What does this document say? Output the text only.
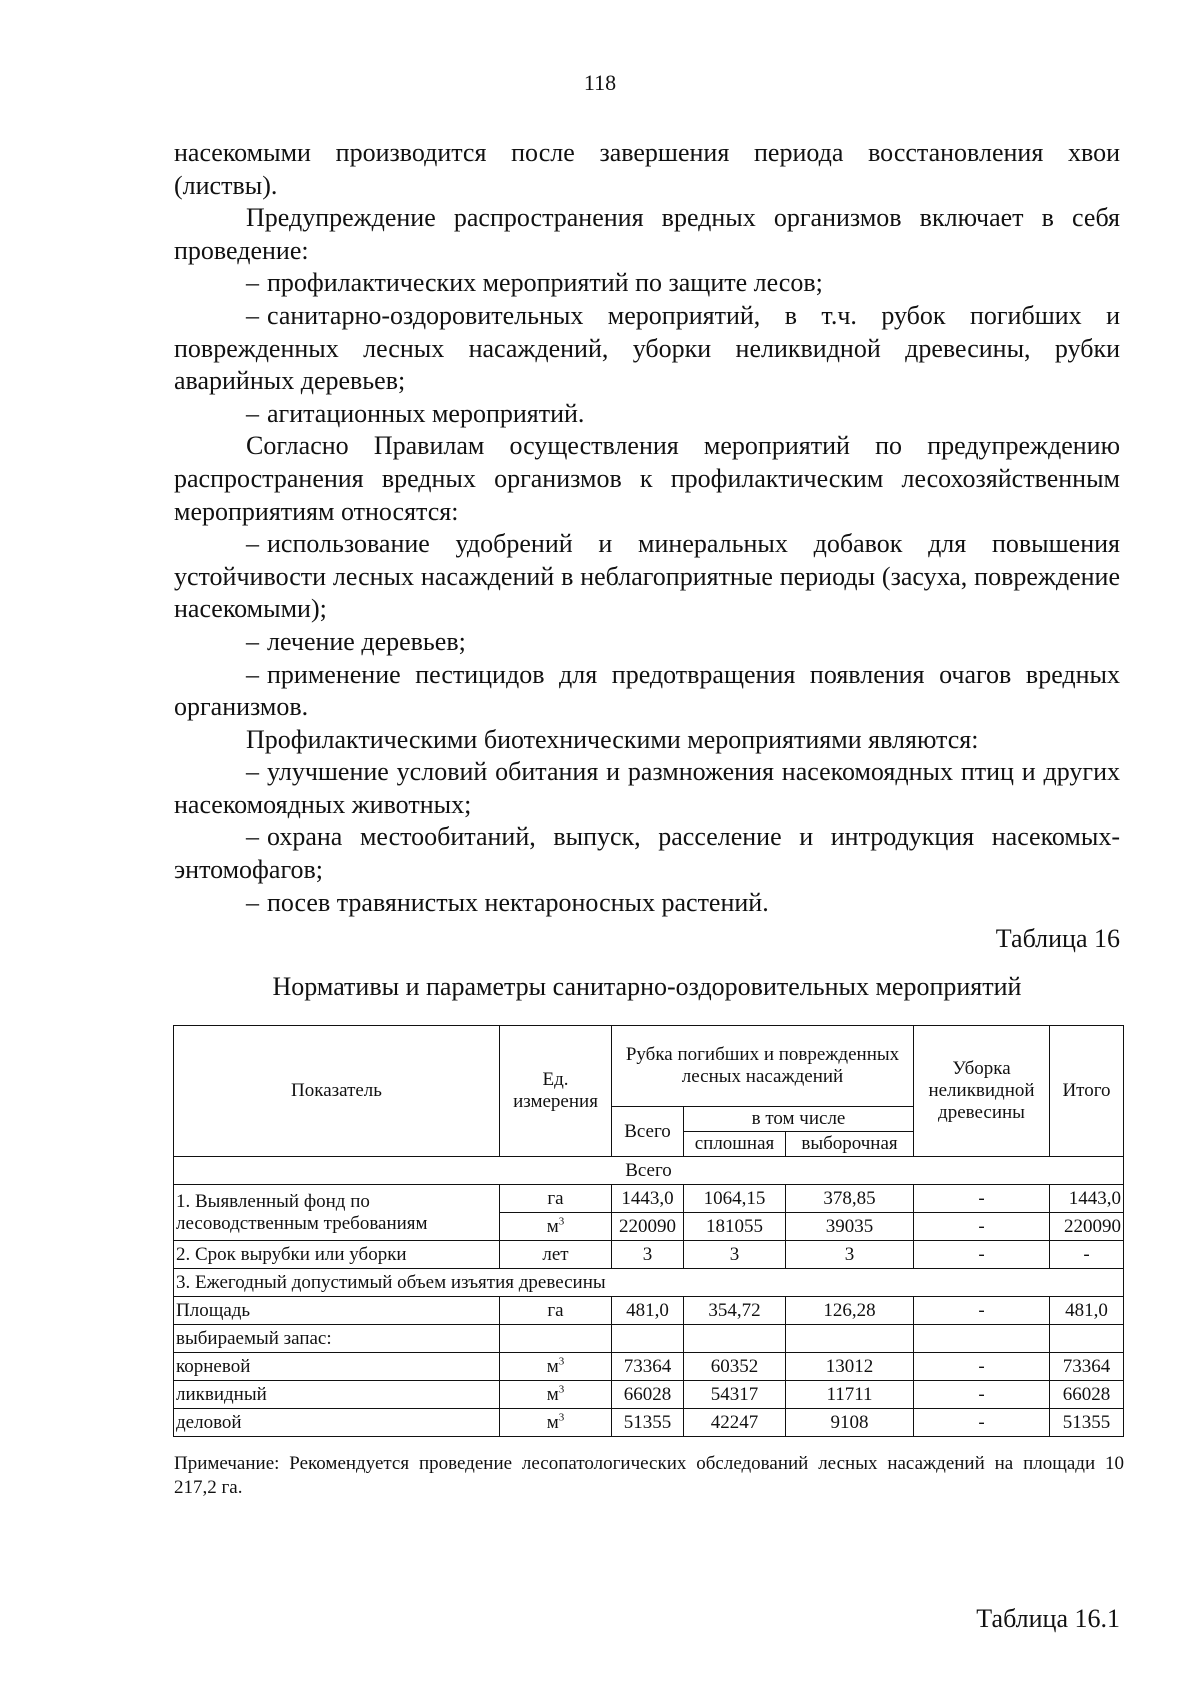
118

насекомыми производится после завершения периода восстановления хвои (листвы).

Предупреждение распространения вредных организмов включает в себя проведение:

– профилактических мероприятий по защите лесов;

– санитарно-оздоровительных мероприятий, в т.ч. рубок погибших и поврежденных лесных насаждений, уборки неликвидной древесины, рубки аварийных деревьев;

– агитационных мероприятий.

Согласно Правилам осуществления мероприятий по предупреждению распространения вредных организмов к профилактическим лесохозяйственным мероприятиям относятся:

– использование удобрений и минеральных добавок для повышения устойчивости лесных насаждений в неблагоприятные периоды (засуха, повреждение насекомыми);

– лечение деревьев;

– применение пестицидов для предотвращения появления очагов вредных организмов.

Профилактическими биотехническими мероприятиями являются:

– улучшение условий обитания и размножения насекомоядных птиц и других насекомоядных животных;

– охрана местообитаний, выпуск, расселение и интродукция насекомых-энтомофагов;

– посев травянистых нектароносных растений.

Таблица 16
Нормативы и параметры санитарно-оздоровительных мероприятий
Показатель	Ед. измерения	Рубка погибших и поврежденных лесных насаждений			Уборка неликвидной древесины	Итого
		Всего	в том числе			
			сплошная	выборочная		
Всего						
1. Выявленный фонд по лесоводственным требованиям	га	1443,0	1064,15	378,85	-	1443,0
	$м^3$	220090	181055	39035	-	220090
2. Срок вырубки или уборки	лет	3	3	3	-	-
3. Ежегодный допустимый объем изъятия древесины						
Площадь	га	481,0	354,72	126,28	-	481,0
выбираемый запас:						
корневой	$м^3$	73364	60352	13012	-	73364
ликвидный	$м^3$	66028	54317	11711	-	66028
деловой	$м^3$	51355	42247	9108	-	51355
Примечание: Рекомендуется проведение лесопатологических обследований лесных насаждений на площади 10 217,2 га.
Таблица 16.1
